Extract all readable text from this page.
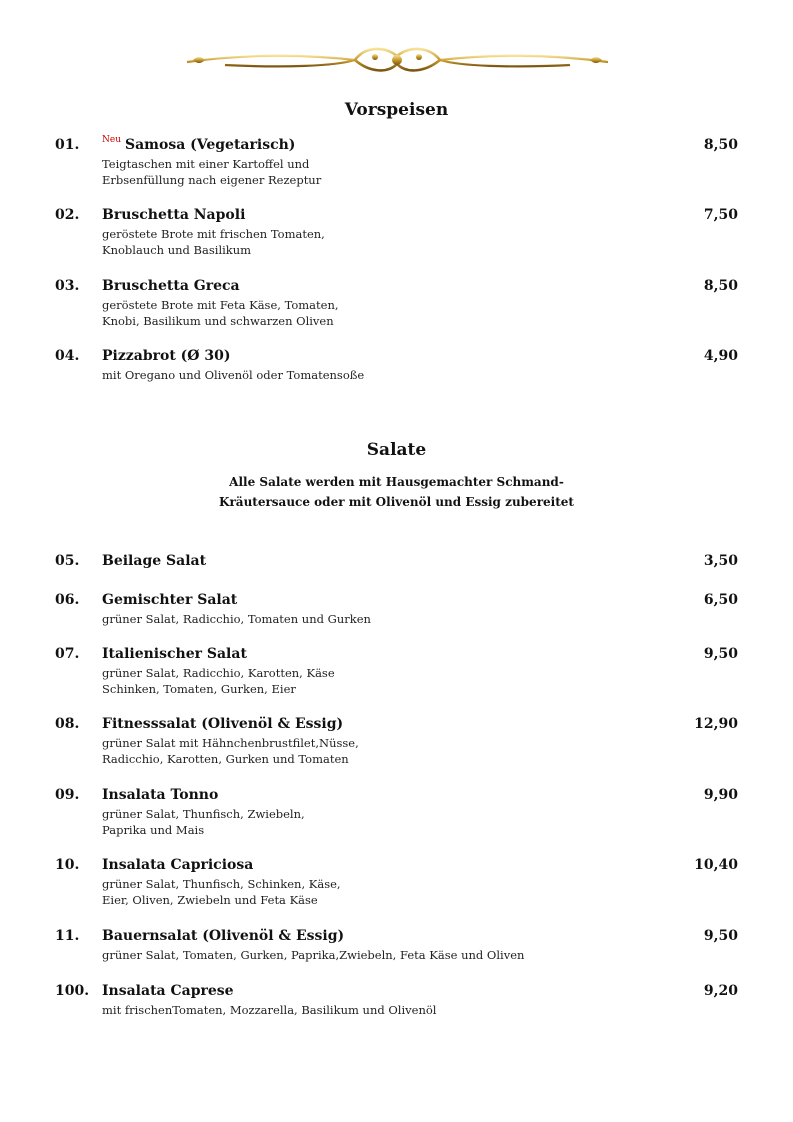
Vorspeisen
01.	$^{Neu}$ Samosa (Vegetarisch)	8,50
Teigtaschen mit einer Kartoffel und
Erbsenfüllung nach eigener Rezeptur
02. Bruschetta Napoli	7,50
geröstete Brote mit frischen Tomaten,
Knoblauch und Basilikum
03. Bruschetta Greca	8,50
geröstete Brote mit Feta Käse, Tomaten,
Knobi, Basilikum und schwarzen Oliven
04. Pizzabrot (Ø 30)	4,90
mit Oregano und Olivenöl oder Tomatensoße
Salate
Alle Salate werden mit Hausgemachter Schmand-
Kräutersauce oder mit Olivenöl und Essig zubereitet
05. Beilage Salat	3,50
06. Gemischter Salat	6,50
grüner Salat, Radicchio, Tomaten und Gurken
07. Italienischer Salat	9,50
grüner Salat, Radicchio, Karotten, Käse
Schinken, Tomaten, Gurken, Eier
08. Fitnesssalat (Olivenöl & Essig)	12,90
grüner Salat mit Hähnchenbrustfilet,Nüsse,
Radicchio, Karotten, Gurken und Tomaten
09. Insalata Tonno	9,90
grüner Salat, Thunfisch, Zwiebeln,
Paprika und Mais
10. Insalata Capriciosa	10,40
grüner Salat, Thunfisch, Schinken, Käse,
Eier, Oliven, Zwiebeln und Feta Käse
11. Bauernsalat (Olivenöl & Essig)	9,50
grüner Salat, Tomaten, Gurken, Paprika,Zwiebeln, Feta Käse und Oliven
100. Insalata Caprese	9,20
mit frischenTomaten, Mozzarella, Basilikum und Olivenöl
